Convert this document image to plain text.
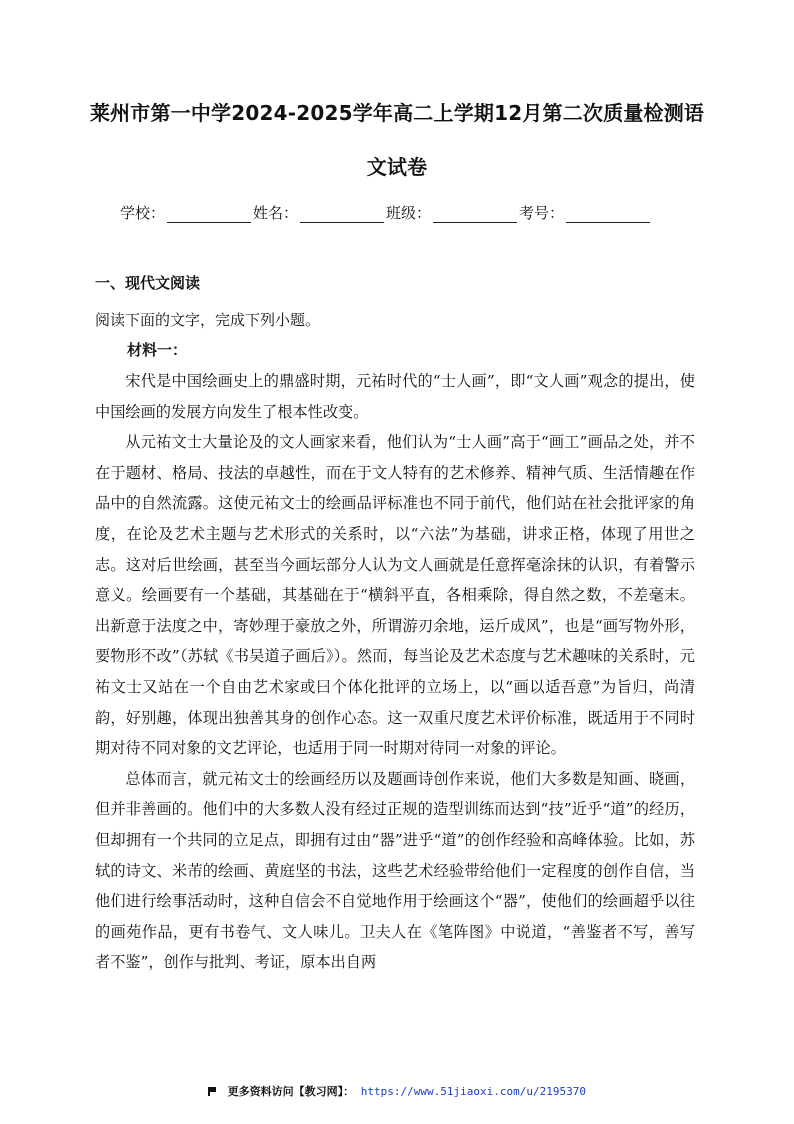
莱州市第一中学2024-2025学年高二上学期12月第二次质量检测语
文试卷
学校：	姓名：	班级：	考号：
一、现代文阅读
阅读下面的文字，完成下列小题。
材料一：

宋代是中国绘画史上的鼎盛时期，元祐时代的“士人画”，即“文人画”观念的提出，使中国绘画的发展方向发生了根本性改变。

从元祐文士大量论及的文人画家来看，他们认为“士人画”高于“画工”画品之处，并不在于题材、格局、技法的卓越性，而在于文人特有的艺术修养、精神气质、生活情趣在作品中的自然流露。这使元祐文士的绘画品评标准也不同于前代，他们站在社会批评家的角度，在论及艺术主题与艺术形式的关系时，以“六法”为基础，讲求正格，体现了用世之志。这对后世绘画，甚至当今画坛部分人认为文人画就是任意挥毫涂抹的认识，有着警示意义。绘画要有一个基础，其基础在于“横斜平直，各相乘除，得自然之数，不差毫末。出新意于法度之中，寄妙理于豪放之外，所谓游刃余地，运斤成风”，也是“画写物外形，要物形不改”（苏轼《书吴道子画后》）。然而，每当论及艺术态度与艺术趣味的关系时，元祐文士又站在一个自由艺术家或曰个体化批评的立场上，以“画以适吾意”为旨归，尚清韵，好别趣，体现出独善其身的创作心态。这一双重尺度艺术评价标准，既适用于不同时期对待不同对象的文艺评论，也适用于同一时期对待同一对象的评论。

总体而言，就元祐文士的绘画经历以及题画诗创作来说，他们大多数是知画、晓画，但并非善画的。他们中的大多数人没有经过正规的造型训练而达到“技”近乎“道”的经历，但却拥有一个共同的立足点，即拥有过由“器”进乎“道”的创作经验和高峰体验。比如，苏轼的诗文、米芾的绘画、黄庭坚的书法，这些艺术经验带给他们一定程度的创作自信，当他们进行绘事活动时，这种自信会不自觉地作用于绘画这个“器”，使他们的绘画超乎以往的画苑作品，更有书卷气、文人味儿。卫夫人在《笔阵图》中说道，“善鉴者不写，善写者不鉴”，创作与批判、考证，原本出自两

更多资料访问【教习网】： https://www.51jiaoxi.com/u/2195370
